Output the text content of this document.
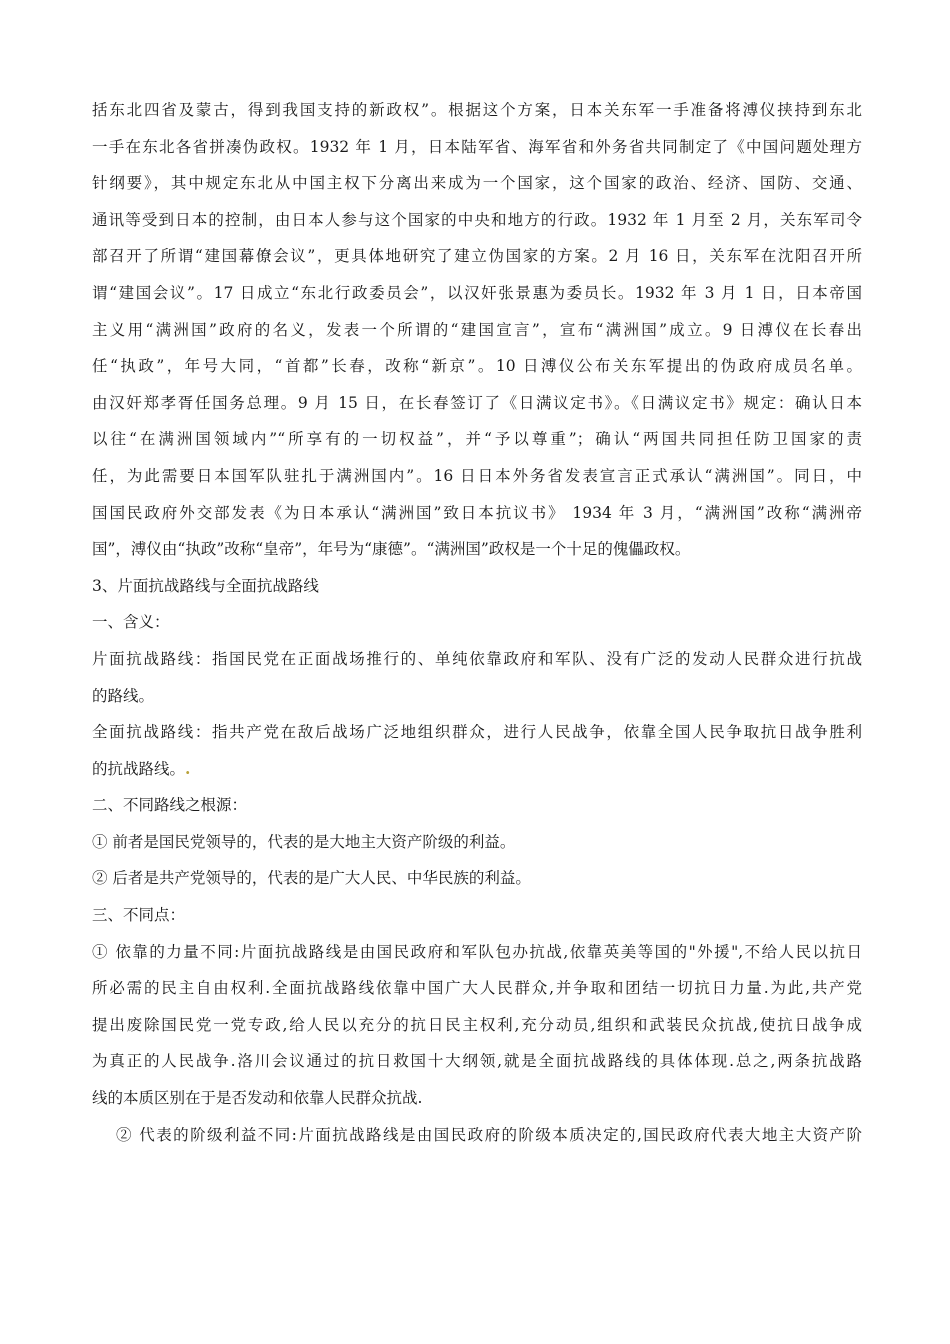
括东北四省及蒙古，得到我国支持的新政权”。根据这个方案，日本关东军一手准备将溥仪挟持到东北
一手在东北各省拼凑伪政权。1932 年 1 月，日本陆军省、海军省和外务省共同制定了《中国问题处理方
针纲要》，其中规定东北从中国主权下分离出来成为一个国家，这个国家的政治、经济、国防、交通、
通讯等受到日本的控制，由日本人参与这个国家的中央和地方的行政。1932 年 1 月至 2 月，关东军司令
部召开了所谓“建国幕僚会议”，更具体地研究了建立伪国家的方案。2 月 16 日，关东军在沈阳召开所
谓“建国会议”。17 日成立“东北行政委员会”，以汉奸张景惠为委员长。1932 年 3 月 1 日，日本帝国
主义用“满洲国”政府的名义，发表一个所谓的“建国宣言”，宣布“满洲国”成立。9 日溥仪在长春出
任“执政”，年号大同，“首都”长春，改称“新京”。10 日溥仪公布关东军提出的伪政府成员名单。
由汉奸郑孝胥任国务总理。9 月 15 日，在长春签订了《日满议定书》。《日满议定书》规定：确认日本
以往“在满洲国领域内”“所享有的一切权益”，并“予以尊重”；确认“两国共同担任防卫国家的责
任，为此需要日本国军队驻扎于满洲国内”。16 日日本外务省发表宣言正式承认“满洲国”。同日，中
国国民政府外交部发表《为日本承认“满洲国”致日本抗议书》 1934 年 3 月，“满洲国”改称“满洲帝
国”，溥仪由“执政”改称“皇帝”，年号为“康德”。“满洲国”政权是一个十足的傀儡政权。
3、片面抗战路线与全面抗战路线
一、含义：
片面抗战路线：指国民党在正面战场推行的、单纯依靠政府和军队、没有广泛的发动人民群众进行抗战
的路线。
全面抗战路线：指共产党在敌后战场广泛地组织群众，进行人民战争，依靠全国人民争取抗日战争胜利
的抗战路线。.
二、不同路线之根源：
① 前者是国民党领导的，代表的是大地主大资产阶级的利益。
② 后者是共产党领导的，代表的是广大人民、中华民族的利益。
三、不同点：
① 依靠的力量不同:片面抗战路线是由国民政府和军队包办抗战,依靠英美等国的"外援",不给人民以抗日
所必需的民主自由权利.全面抗战路线依靠中国广大人民群众,并争取和团结一切抗日力量.为此,共产党
提出废除国民党一党专政,给人民以充分的抗日民主权利,充分动员,组织和武装民众抗战,使抗日战争成
为真正的人民战争.洛川会议通过的抗日救国十大纲领,就是全面抗战路线的具体体现.总之,两条抗战路
线的本质区别在于是否发动和依靠人民群众抗战.
② 代表的阶级利益不同:片面抗战路线是由国民政府的阶级本质决定的,国民政府代表大地主大资产阶
